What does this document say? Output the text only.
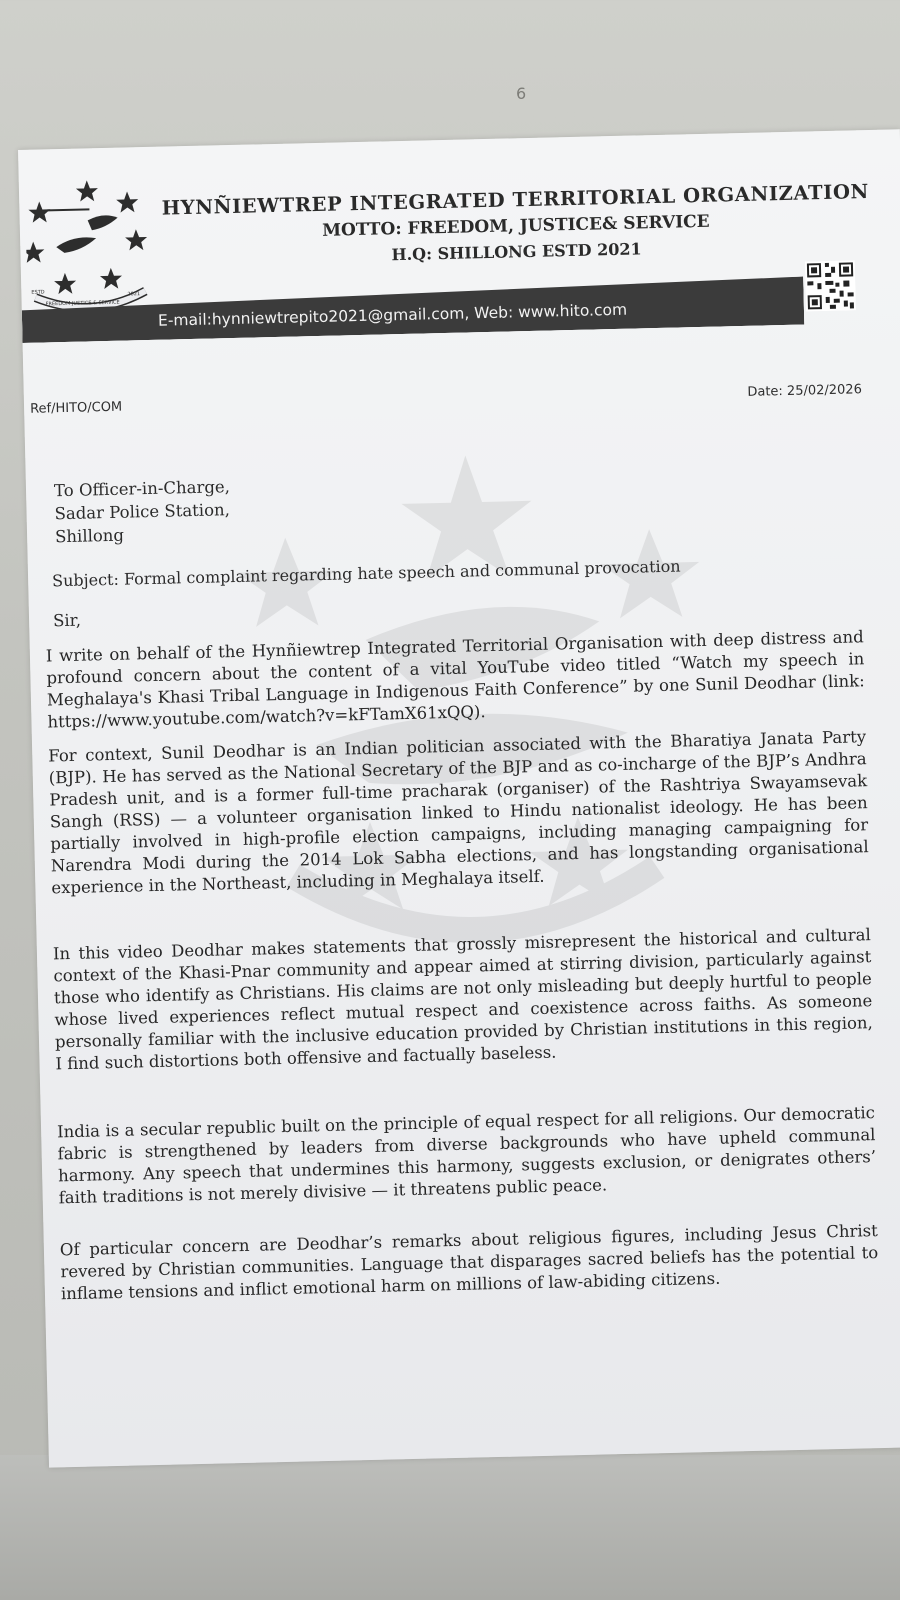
6
FREEDOM JUSTICE & SERVICE
2021
ESTD
HYNÑIEWTREP INTEGRATED TERRITORIAL ORGANIZATION
MOTTO: FREEDOM, JUSTICE& SERVICE
H.Q: SHILLONG ESTD 2021
E-mail:hynniewtrepito2021@gmail.com, Web: www.hito.com
Ref/HITO/COM
Date: 25/02/2026
To Officer-in-Charge,
Sadar Police Station,
Shillong
Subject: Formal complaint regarding hate speech and communal provocation
Sir,

I write on behalf of the Hynñiewtrep Integrated Territorial Organisation with deep distress and profound concern about the content of a vital YouTube video titled “Watch my speech in Meghalaya's Khasi Tribal Language in Indigenous Faith Conference” by one Sunil Deodhar (link: https://www.youtube.com/watch?v=kFTamX61xQQ).

For context, Sunil Deodhar is an Indian politician associated with the Bharatiya Janata Party (BJP). He has served as the National Secretary of the BJP and as co-incharge of the BJP’s Andhra Pradesh unit, and is a former full-time pracharak (organiser) of the Rashtriya Swayamsevak Sangh (RSS) — a volunteer organisation linked to Hindu nationalist ideology. He has been partially involved in high-profile election campaigns, including managing campaigning for Narendra Modi during the 2014 Lok Sabha elections, and has longstanding organisational experience in the Northeast, including in Meghalaya itself.

In this video Deodhar makes statements that grossly misrepresent the historical and cultural context of the Khasi-Pnar community and appear aimed at stirring division, particularly against those who identify as Christians. His claims are not only misleading but deeply hurtful to people whose lived experiences reflect mutual respect and coexistence across faiths. As someone personally familiar with the inclusive education provided by Christian institutions in this region, I find such distortions both offensive and factually baseless.

India is a secular republic built on the principle of equal respect for all religions. Our democratic fabric is strengthened by leaders from diverse backgrounds who have upheld communal harmony. Any speech that undermines this harmony, suggests exclusion, or denigrates others’ faith traditions is not merely divisive — it threatens public peace.

Of particular concern are Deodhar’s remarks about religious figures, including Jesus Christ revered by Christian communities. Language that disparages sacred beliefs has the potential to inflame tensions and inflict emotional harm on millions of law-abiding citizens.
